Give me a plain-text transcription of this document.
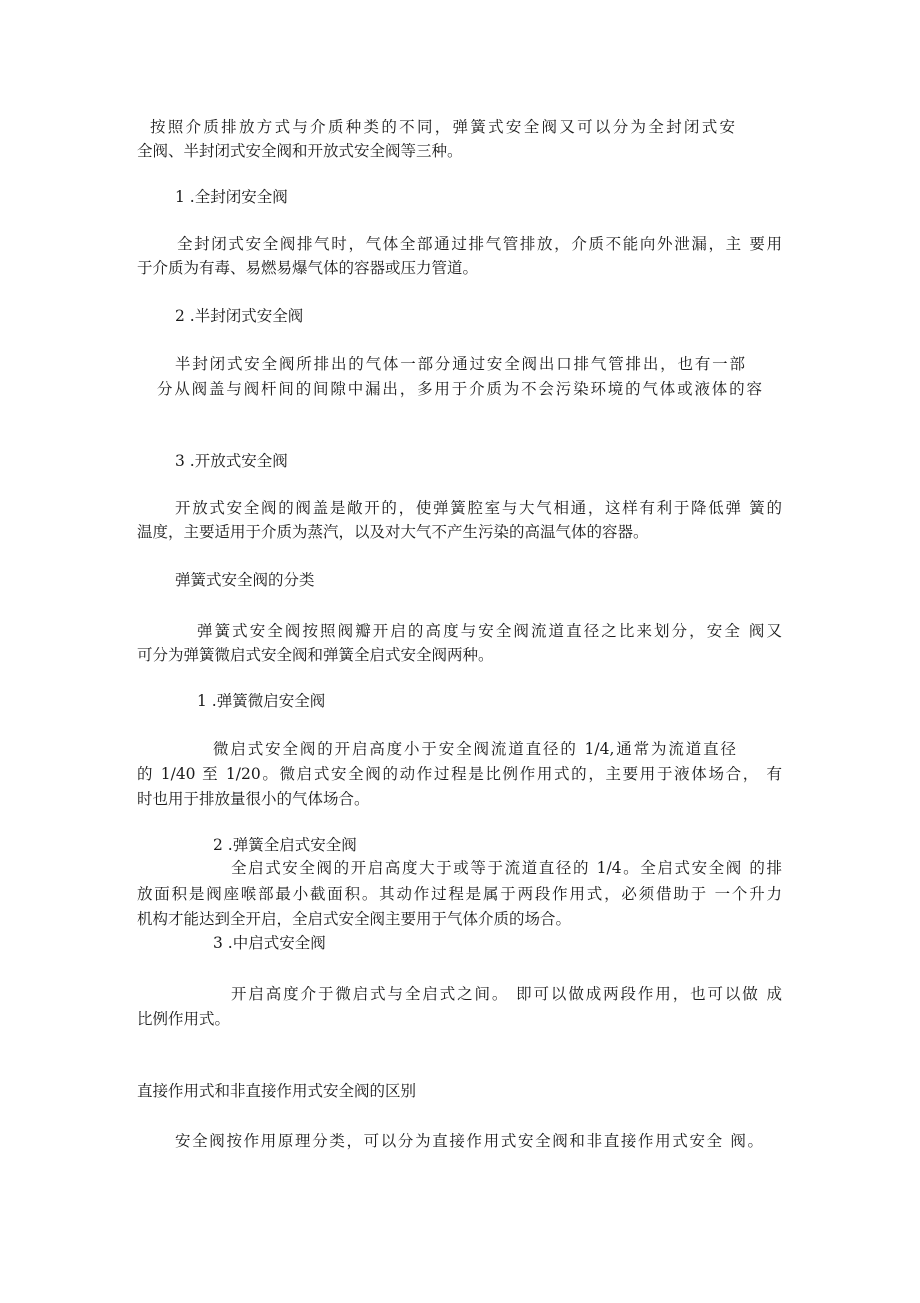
按照介质排放方式与介质种类的不同，弹簧式安全阀又可以分为全封闭式安
全阀、半封闭式安全阀和开放式安全阀等三种。
1 .全封闭安全阀
全封闭式安全阀排气时，气体全部通过排气管排放，介质不能向外泄漏，主 要用
于介质为有毒、易燃易爆气体的容器或压力管道。
2 .半封闭式安全阀
半封闭式安全阀所排出的气体一部分通过安全阀出口排气管排出，也有一部
分从阀盖与阀杆间的间隙中漏出，多用于介质为不会污染环境的气体或液体的容
3 .开放式安全阀
开放式安全阀的阀盖是敞开的，使弹簧腔室与大气相通，这样有利于降低弹 簧的
温度，主要适用于介质为蒸汽，以及对大气不产生污染的高温气体的容器。
弹簧式安全阀的分类
弹簧式安全阀按照阀瓣开启的高度与安全阀流道直径之比来划分，安全 阀又
可分为弹簧微启式安全阀和弹簧全启式安全阀两种。
1 .弹簧微启安全阀
微启式安全阀的开启高度小于安全阀流道直径的 1/4,通常为流道直径
的 1/40 至 1/20。微启式安全阀的动作过程是比例作用式的，主要用于液体场合， 有
时也用于排放量很小的气体场合。
2 .弹簧全启式安全阀
全启式安全阀的开启高度大于或等于流道直径的 1/4。全启式安全阀 的排
放面积是阀座喉部最小截面积。其动作过程是属于两段作用式，必须借助于 一个升力
机构才能达到全开启，全启式安全阀主要用于气体介质的场合。
3 .中启式安全阀
开启高度介于微启式与全启式之间。 即可以做成两段作用，也可以做 成
比例作用式。
直接作用式和非直接作用式安全阀的区别
安全阀按作用原理分类，可以分为直接作用式安全阀和非直接作用式安全 阀。
